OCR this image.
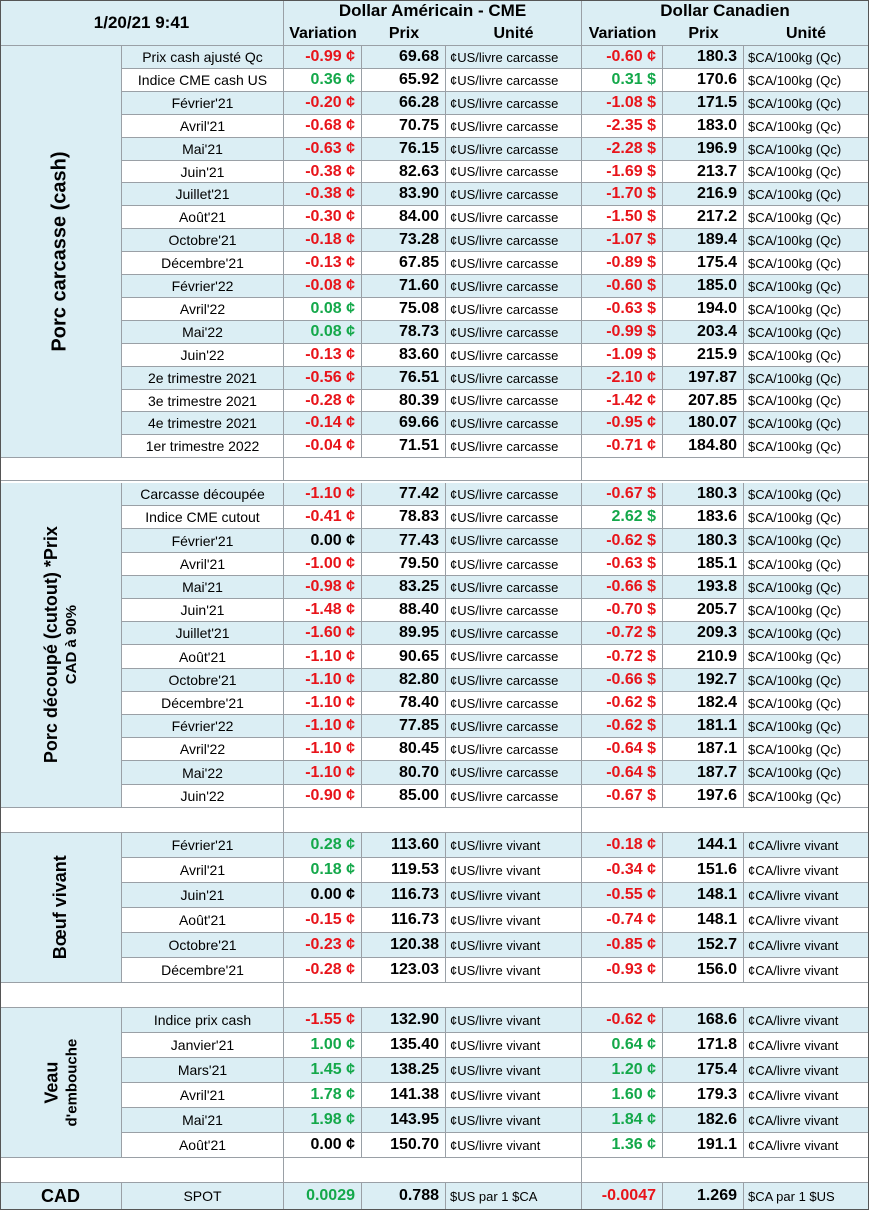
1/20/21 9:41
Dollar Américain - CME	Dollar Canadien
Variation	Prix	Unité	Variation	Prix	Unité
Porc carcasse (cash)
Prix cash ajusté Qc	-0.99 ¢	69.68 ¢US/livre carcasse	-0.60 ¢	180.3 $CA/100kg (Qc)
Indice CME cash US	0.36 ¢	65.92 ¢US/livre carcasse	0.31 $	170.6 $CA/100kg (Qc)
Février'21	-0.20 ¢	66.28 ¢US/livre carcasse	-1.08 $	171.5 $CA/100kg (Qc)
Avril'21	-0.68 ¢	70.75 ¢US/livre carcasse	-2.35 $	183.0 $CA/100kg (Qc)
Mai'21	-0.63 ¢	76.15 ¢US/livre carcasse	-2.28 $	196.9 $CA/100kg (Qc)
Juin'21	-0.38 ¢	82.63 ¢US/livre carcasse	-1.69 $	213.7 $CA/100kg (Qc)
Juillet'21	-0.38 ¢	83.90 ¢US/livre carcasse	-1.70 $	216.9 $CA/100kg (Qc)
Août'21	-0.30 ¢	84.00 ¢US/livre carcasse	-1.50 $	217.2 $CA/100kg (Qc)
Octobre'21	-0.18 ¢	73.28 ¢US/livre carcasse	-1.07 $	189.4 $CA/100kg (Qc)
Décembre'21	-0.13 ¢	67.85 ¢US/livre carcasse	-0.89 $	175.4 $CA/100kg (Qc)
Février'22	-0.08 ¢	71.60 ¢US/livre carcasse	-0.60 $	185.0 $CA/100kg (Qc)
Avril'22	0.08 ¢	75.08 ¢US/livre carcasse	-0.63 $	194.0 $CA/100kg (Qc)
Mai'22	0.08 ¢	78.73 ¢US/livre carcasse	-0.99 $	203.4 $CA/100kg (Qc)
Juin'22	-0.13 ¢	83.60 ¢US/livre carcasse	-1.09 $	215.9 $CA/100kg (Qc)
2e trimestre 2021	-0.56 ¢	76.51 ¢US/livre carcasse	-2.10 ¢	197.87 $CA/100kg (Qc)
3e trimestre 2021	-0.28 ¢	80.39 ¢US/livre carcasse	-1.42 ¢	207.85 $CA/100kg (Qc)
4e trimestre 2021	-0.14 ¢	69.66 ¢US/livre carcasse	-0.95 ¢	180.07 $CA/100kg (Qc)
1er trimestre 2022	-0.04 ¢	71.51 ¢US/livre carcasse	-0.71 ¢	184.80 $CA/100kg (Qc)
Porc découpé (cutout) *Prix CAD à 90%
Carcasse découpée	-1.10 ¢	77.42 ¢US/livre carcasse	-0.67 $	180.3 $CA/100kg (Qc)
Indice CME cutout	-0.41 ¢	78.83 ¢US/livre carcasse	2.62 $	183.6 $CA/100kg (Qc)
Février'21	0.00 ¢	77.43 ¢US/livre carcasse	-0.62 $	180.3 $CA/100kg (Qc)
Avril'21	-1.00 ¢	79.50 ¢US/livre carcasse	-0.63 $	185.1 $CA/100kg (Qc)
Mai'21	-0.98 ¢	83.25 ¢US/livre carcasse	-0.66 $	193.8 $CA/100kg (Qc)
Juin'21	-1.48 ¢	88.40 ¢US/livre carcasse	-0.70 $	205.7 $CA/100kg (Qc)
Juillet'21	-1.60 ¢	89.95 ¢US/livre carcasse	-0.72 $	209.3 $CA/100kg (Qc)
Août'21	-1.10 ¢	90.65 ¢US/livre carcasse	-0.72 $	210.9 $CA/100kg (Qc)
Octobre'21	-1.10 ¢	82.80 ¢US/livre carcasse	-0.66 $	192.7 $CA/100kg (Qc)
Décembre'21	-1.10 ¢	78.40 ¢US/livre carcasse	-0.62 $	182.4 $CA/100kg (Qc)
Février'22	-1.10 ¢	77.85 ¢US/livre carcasse	-0.62 $	181.1 $CA/100kg (Qc)
Avril'22	-1.10 ¢	80.45 ¢US/livre carcasse	-0.64 $	187.1 $CA/100kg (Qc)
Mai'22	-1.10 ¢	80.70 ¢US/livre carcasse	-0.64 $	187.7 $CA/100kg (Qc)
Juin'22	-0.90 ¢	85.00 ¢US/livre carcasse	-0.67 $	197.6 $CA/100kg (Qc)
Bœuf vivant
Février'21	0.28 ¢	113.60 ¢US/livre vivant	-0.18 ¢	144.1 ¢CA/livre vivant
Avril'21	0.18 ¢	119.53 ¢US/livre vivant	-0.34 ¢	151.6 ¢CA/livre vivant
Juin'21	0.00 ¢	116.73 ¢US/livre vivant	-0.55 ¢	148.1 ¢CA/livre vivant
Août'21	-0.15 ¢	116.73 ¢US/livre vivant	-0.74 ¢	148.1 ¢CA/livre vivant
Octobre'21	-0.23 ¢	120.38 ¢US/livre vivant	-0.85 ¢	152.7 ¢CA/livre vivant
Décembre'21	-0.28 ¢	123.03 ¢US/livre vivant	-0.93 ¢	156.0 ¢CA/livre vivant
Veau d'embouche
Indice prix cash	-1.55 ¢	132.90 ¢US/livre vivant	-0.62 ¢	168.6 ¢CA/livre vivant
Janvier'21	1.00 ¢	135.40 ¢US/livre vivant	0.64 ¢	171.8 ¢CA/livre vivant
Mars'21	1.45 ¢	138.25 ¢US/livre vivant	1.20 ¢	175.4 ¢CA/livre vivant
Avril'21	1.78 ¢	141.38 ¢US/livre vivant	1.60 ¢	179.3 ¢CA/livre vivant
Mai'21	1.98 ¢	143.95 ¢US/livre vivant	1.84 ¢	182.6 ¢CA/livre vivant
Août'21	0.00 ¢	150.70 ¢US/livre vivant	1.36 ¢	191.1 ¢CA/livre vivant
CAD	SPOT	0.0029	0.788 $US par 1 $CA	-0.0047	1.269 $CA par 1 $US
